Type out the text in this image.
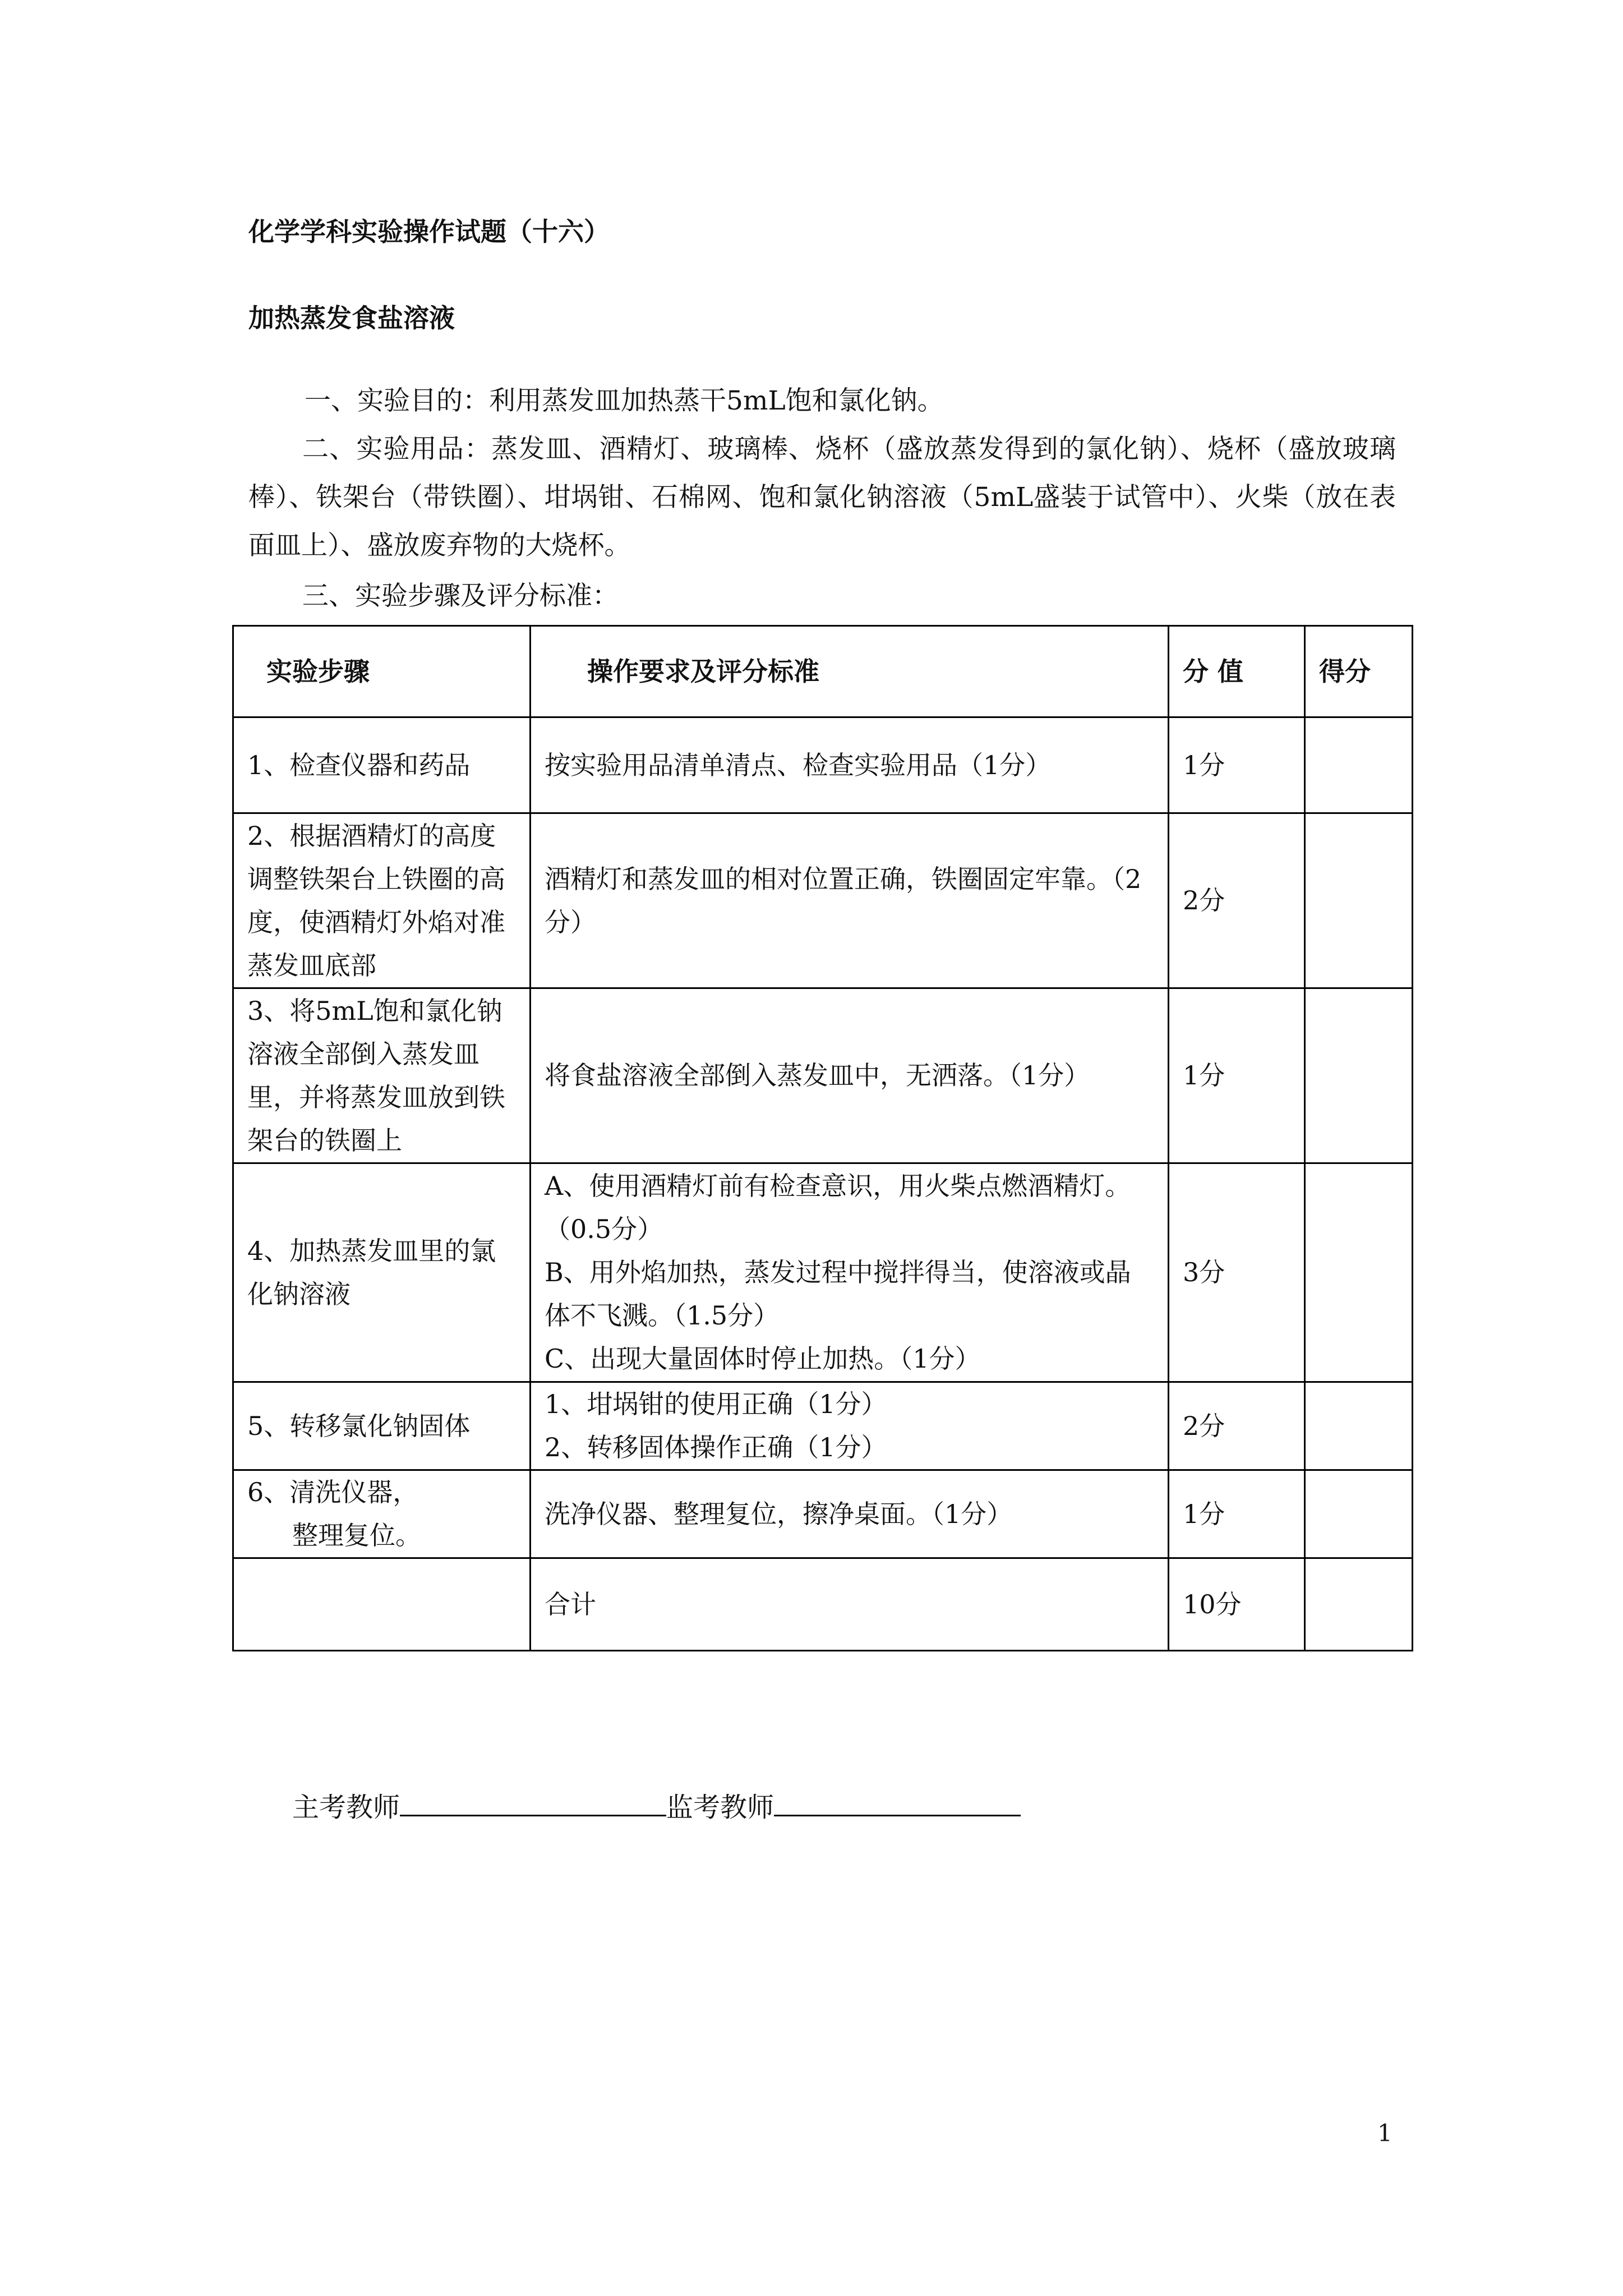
化学学科实验操作试题（十六）
加热蒸发食盐溶液
一、实验目的：利用蒸发皿加热蒸干5mL饱和氯化钠。
二、实验用品：蒸发皿、酒精灯、玻璃棒、烧杯（盛放蒸发得到的氯化钠）、烧杯（盛放玻璃棒）、铁架台（带铁圈）、坩埚钳、石棉网、饱和氯化钠溶液（5mL盛装于试管中）、火柴（放在表面皿上）、盛放废弃物的大烧杯。
三、实验步骤及评分标准：
实验步骤	操作要求及评分标准	分 值	得分
1、检查仪器和药品	按实验用品清单清点、检查实验用品（1分）	1分	
2、根据酒精灯的高度调整铁架台上铁圈的高度，使酒精灯外焰对准蒸发皿底部	酒精灯和蒸发皿的相对位置正确，铁圈固定牢靠。（2分）	2分	
3、将5mL饱和氯化钠溶液全部倒入蒸发皿里，并将蒸发皿放到铁架台的铁圈上	将食盐溶液全部倒入蒸发皿中，无洒落。（1分）	1分	
4、加热蒸发皿里的氯化钠溶液	A、使用酒精灯前有检查意识，用火柴点燃酒精灯。（0.5分）
B、用外焰加热，蒸发过程中搅拌得当，使溶液或晶体不飞溅。（1.5分）
C、出现大量固体时停止加热。（1分）	3分	
5、转移氯化钠固体	1、坩埚钳的使用正确（1分）
2、转移固体操作正确（1分）	2分	

6、清洗仪器，
整理复位。	洗净仪器、整理复位，擦净桌面。（1分）	1分	
	合计	10分	
主考教师	监考教师
1
